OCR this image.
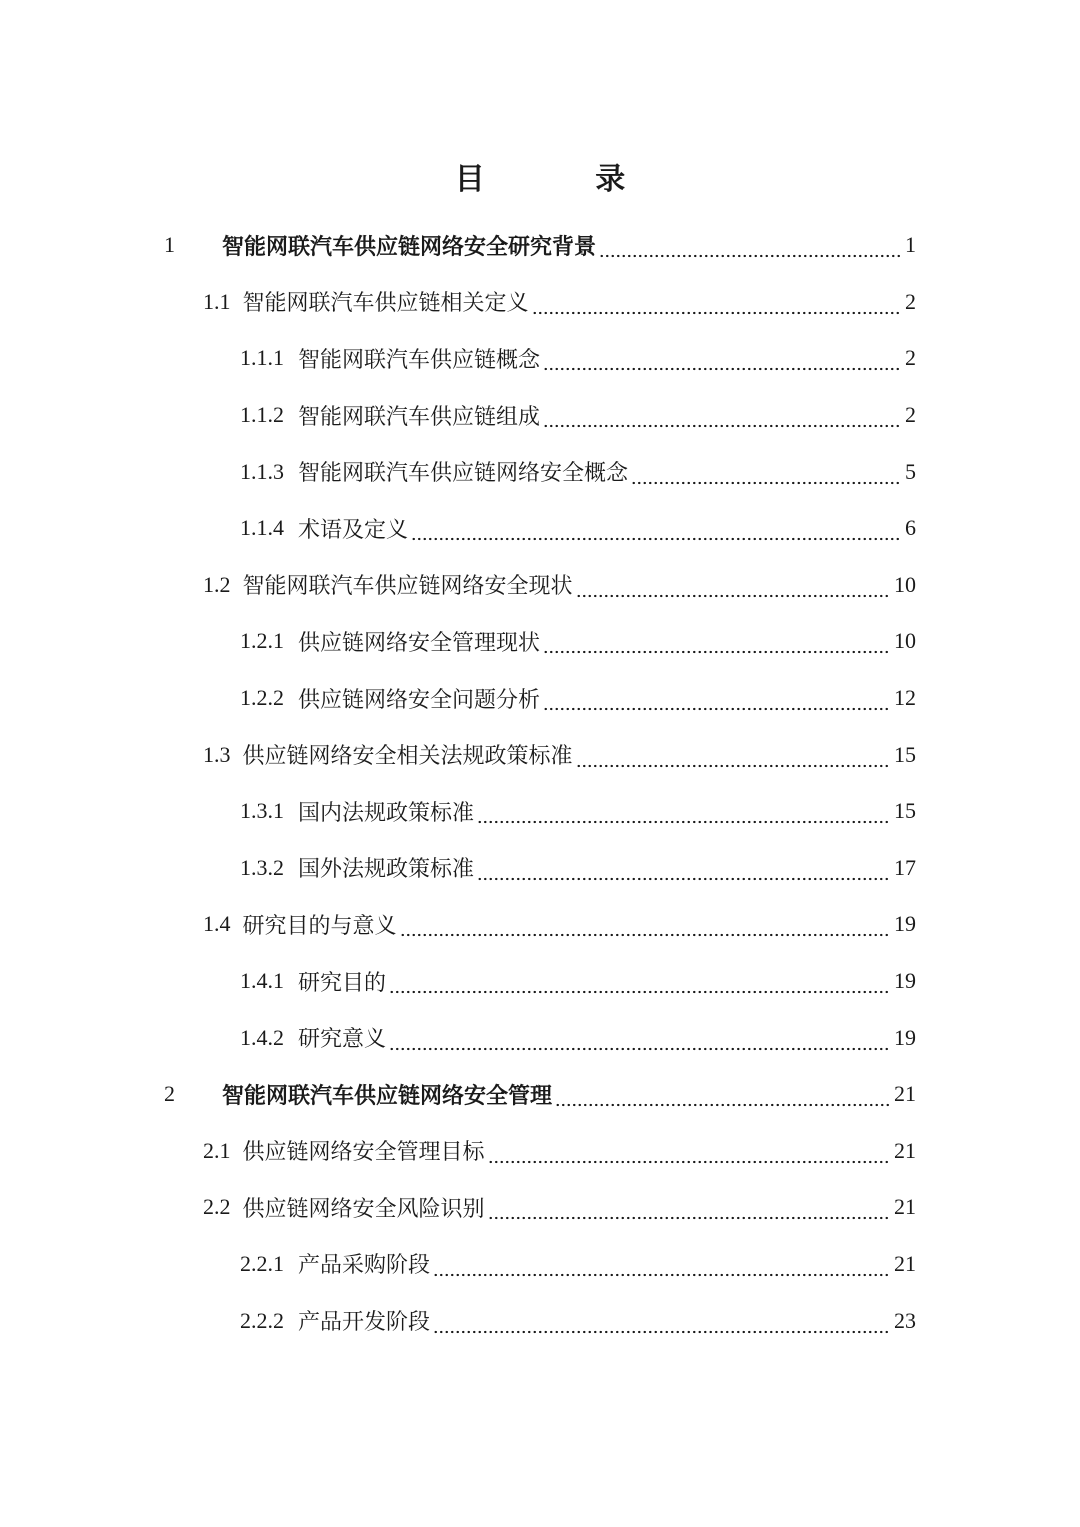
目 录
1	智能网联汽车供应链网络安全研究背景	1
1.1 智能网联汽车供应链相关定义	2
1.1.1 智能网联汽车供应链概念	2
1.1.2 智能网联汽车供应链组成	2
1.1.3 智能网联汽车供应链网络安全概念	5
1.1.4 术语及定义	6
1.2 智能网联汽车供应链网络安全现状	10
1.2.1 供应链网络安全管理现状	10
1.2.2 供应链网络安全问题分析	12
1.3 供应链网络安全相关法规政策标准	15
1.3.1 国内法规政策标准	15
1.3.2 国外法规政策标准	17
1.4 研究目的与意义	19
1.4.1 研究目的	19
1.4.2 研究意义	19
2	智能网联汽车供应链网络安全管理	21
2.1 供应链网络安全管理目标	21
2.2 供应链网络安全风险识别	21
2.2.1 产品采购阶段	21
2.2.2 产品开发阶段	23
